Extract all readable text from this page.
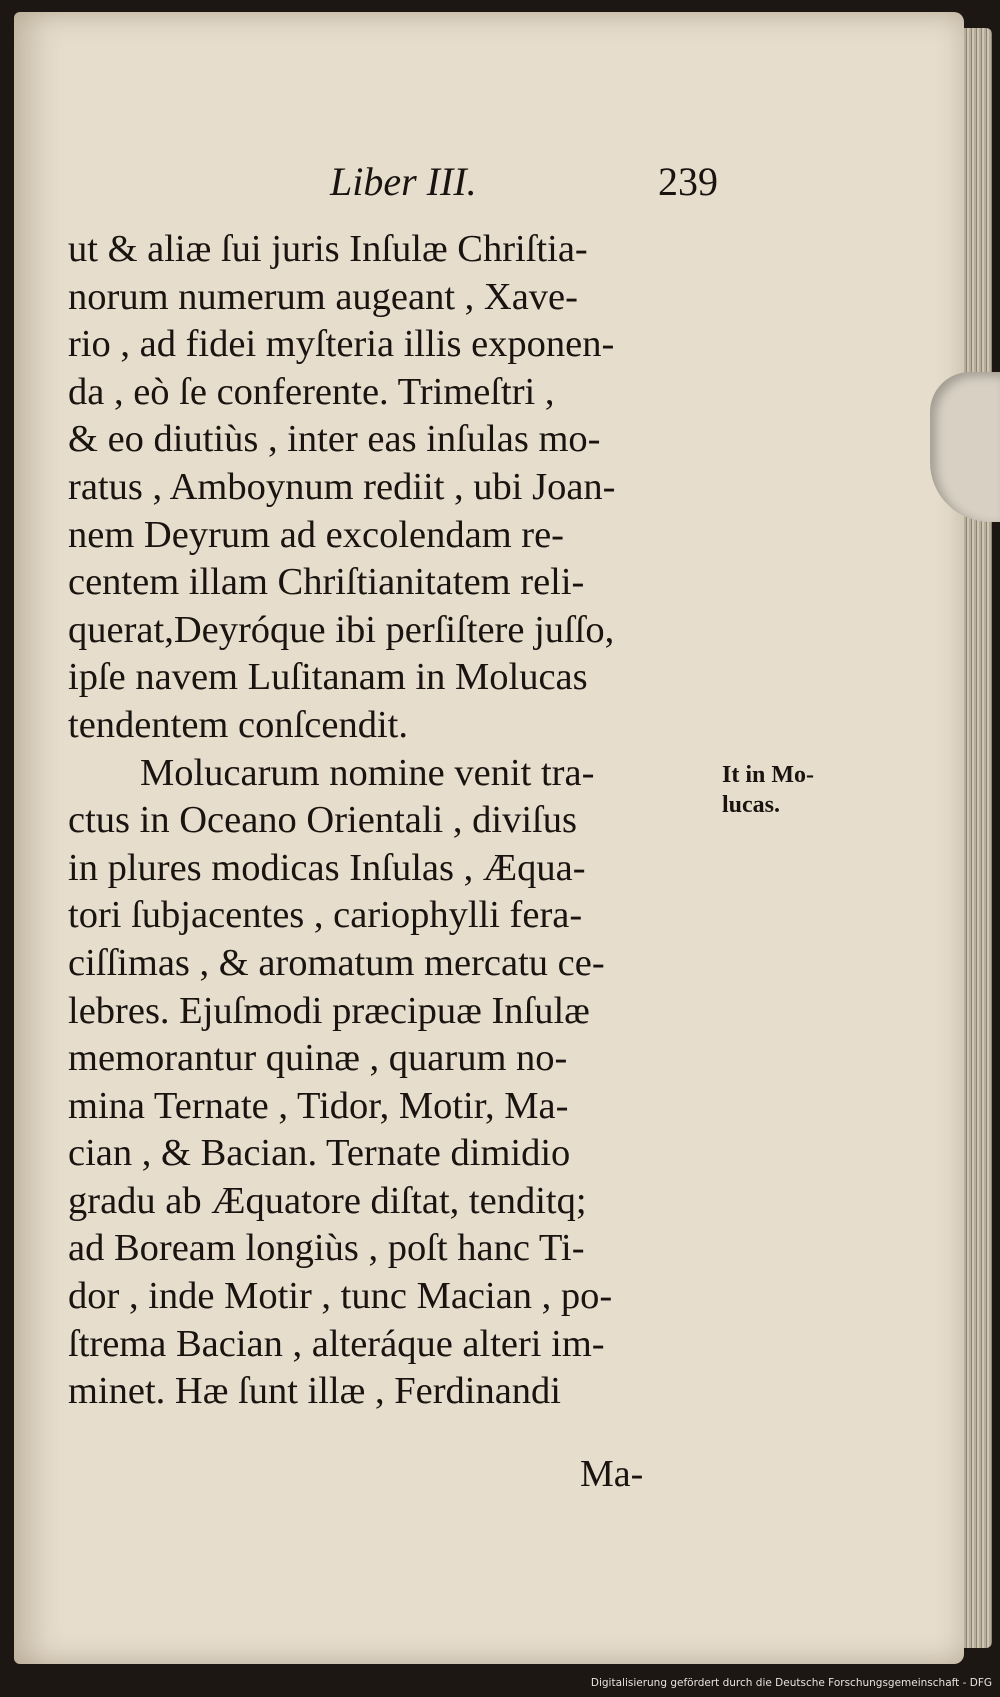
Liber III.	239
ut & aliæ ſui juris Inſulæ Chriſtia-
norum numerum augeant , Xave-
rio , ad fidei myſteria illis exponen-
da , eò ſe conferente. Trimeſtri ,
& eo diutiùs , inter eas inſulas mo-
ratus , Amboynum rediit , ubi Joan-
nem Deyrum ad excolendam re-
centem illam Chriſtianitatem reli-
querat,Deyróque ibi perſiſtere juſſo,
ipſe navem Luſitanam in Molucas
tendentem conſcendit.
Molucarum nomine venit tra-
ctus in Oceano Orientali , diviſus
in plures modicas Inſulas , Æqua-
tori ſubjacentes , cariophylli fera-
ciſſimas , & aromatum mercatu ce-
lebres. Ejuſmodi præcipuæ Inſulæ
memorantur quinæ , quarum no-
mina Ternate , Tidor, Motir, Ma-
cian , & Bacian. Ternate dimidio
gradu ab Æquatore diſtat, tenditq;
ad Boream longiùs , poſt hanc Ti-
dor , inde Motir , tunc Macian , po-
ſtrema Bacian , alteráque alteri im-
minet. Hæ ſunt illæ , Ferdinandi
It in Mo-
lucas.
Ma-
Digitalisierung gefördert durch die Deutsche Forschungsgemeinschaft - DFG
